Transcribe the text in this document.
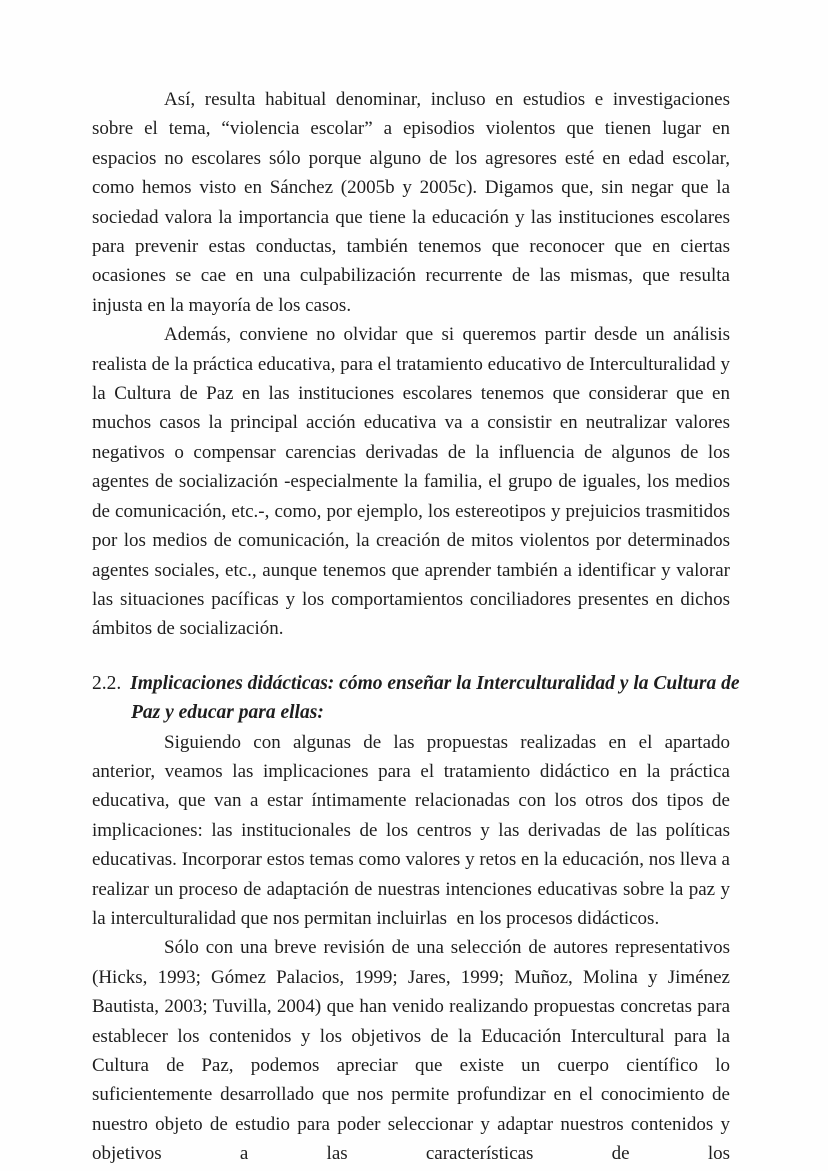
Así, resulta habitual denominar, incluso en estudios e investigaciones sobre el tema, “violencia escolar” a episodios violentos que tienen lugar en espacios no escolares sólo porque alguno de los agresores esté en edad escolar, como hemos visto en Sánchez (2005b y 2005c). Digamos que, sin negar que la sociedad valora la importancia que tiene la educación y las instituciones escolares para prevenir estas conductas, también tenemos que reconocer que en ciertas ocasiones se cae en una culpabilización recurrente de las mismas, que resulta injusta en la mayoría de los casos.

Además, conviene no olvidar que si queremos partir desde un análisis realista de la práctica educativa, para el tratamiento educativo de Interculturalidad y la Cultura de Paz en las instituciones escolares tenemos que considerar que en muchos casos la principal acción educativa va a consistir en neutralizar valores negativos o compensar carencias derivadas de la influencia de algunos de los agentes de socialización -especialmente la familia, el grupo de iguales, los medios de comunicación, etc.-, como, por ejemplo, los estereotipos y prejuicios trasmitidos por los medios de comunicación, la creación de mitos violentos por determinados agentes sociales, etc., aunque tenemos que aprender también a identificar y valorar las situaciones pacíficas y los comportamientos conciliadores presentes en dichos ámbitos de socialización.

2.2. Implicaciones didácticas: cómo enseñar la Interculturalidad y la Cultura de Paz y educar para ellas:

Siguiendo con algunas de las propuestas realizadas en el apartado anterior, veamos las implicaciones para el tratamiento didáctico en la práctica educativa, que van a estar íntimamente relacionadas con los otros dos tipos de implicaciones: las institucionales de los centros y las derivadas de las políticas educativas. Incorporar estos temas como valores y retos en la educación, nos lleva a realizar un proceso de adaptación de nuestras intenciones educativas sobre la paz y la interculturalidad que nos permitan incluirlas  en los procesos didácticos.

Sólo con una breve revisión de una selección de autores representativos (Hicks, 1993; Gómez Palacios, 1999; Jares, 1999; Muñoz, Molina y Jiménez Bautista, 2003; Tuvilla, 2004) que han venido realizando propuestas concretas para establecer los contenidos y los objetivos de la Educación Intercultural para la Cultura de Paz, podemos apreciar que existe un cuerpo científico lo suficientemente desarrollado que nos permite profundizar en el conocimiento de nuestro objeto de estudio para poder seleccionar y adaptar nuestros contenidos y objetivos a las características de los
